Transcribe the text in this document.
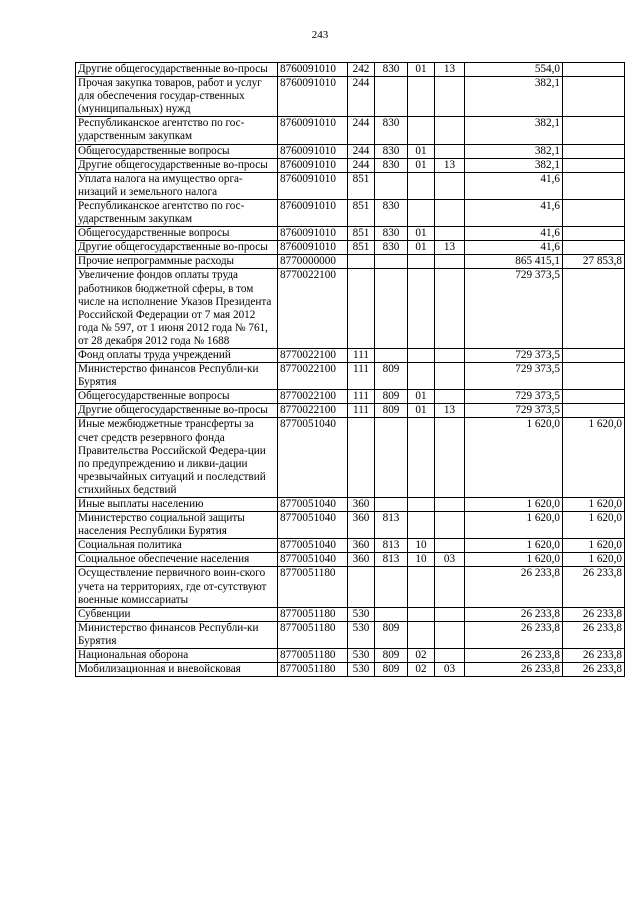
243
Другие общегосударственные во-просы	8760091010	242	830	01	13	554,0	
Прочая закупка товаров, работ и услуг для обеспечения государ-ственных (муниципальных) нужд	8760091010	244				382,1	
Республиканское агентство по гос-ударственным закупкам	8760091010	244	830			382,1	
Общегосударственные вопросы	8760091010	244	830	01		382,1	
Другие общегосударственные во-просы	8760091010	244	830	01	13	382,1	
Уплата налога на имущество орга-низаций и земельного налога	8760091010	851				41,6	
Республиканское агентство по гос-ударственным закупкам	8760091010	851	830			41,6	
Общегосударственные вопросы	8760091010	851	830	01		41,6	
Другие общегосударственные во-просы	8760091010	851	830	01	13	41,6	
Прочие непрограммные расходы	8770000000					865 415,1	27 853,8
Увеличение фондов оплаты труда работников бюджетной сферы, в том числе на исполнение Указов Президента Российской Федерации от 7 мая 2012 года № 597, от 1 июня 2012 года № 761, от 28 декабря 2012 года № 1688	8770022100					729 373,5	
Фонд оплаты труда учреждений	8770022100	111				729 373,5	
Министерство финансов Республи-ки Бурятия	8770022100	111	809			729 373,5	
Общегосударственные вопросы	8770022100	111	809	01		729 373,5	
Другие общегосударственные во-просы	8770022100	111	809	01	13	729 373,5	
Иные межбюджетные трансферты за счет средств резервного фонда Правительства Российской Федера-ции по предупреждению и ликви-дации чрезвычайных ситуаций и последствий стихийных бедствий	8770051040					1 620,0	1 620,0
Иные выплаты населению	8770051040	360				1 620,0	1 620,0
Министерство социальной защиты населения Республики Бурятия	8770051040	360	813			1 620,0	1 620,0
Социальная политика	8770051040	360	813	10		1 620,0	1 620,0
Социальное обеспечение населения	8770051040	360	813	10	03	1 620,0	1 620,0
Осуществление первичного воин-ского учета на территориях, где от-сутствуют военные комиссариаты	8770051180					26 233,8	26 233,8
Субвенции	8770051180	530				26 233,8	26 233,8
Министерство финансов Республи-ки Бурятия	8770051180	530	809			26 233,8	26 233,8
Национальная оборона	8770051180	530	809	02		26 233,8	26 233,8
Мобилизационная и вневойсковая	8770051180	530	809	02	03	26 233,8	26 233,8
